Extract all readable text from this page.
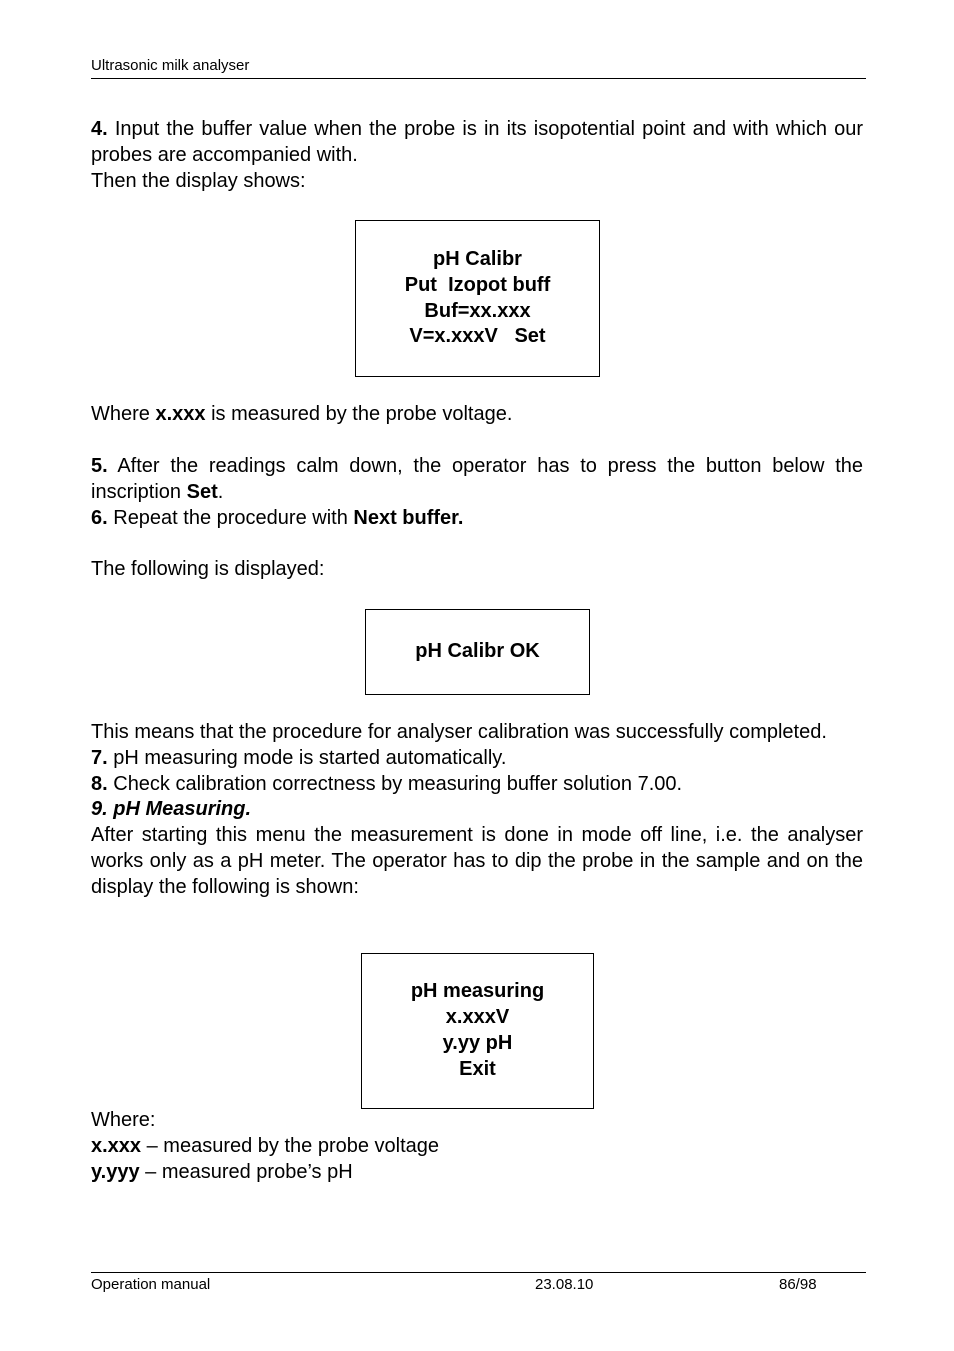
Ultrasonic milk analyser

4. Input the buffer value when the probe is in its isopotential point and with which our probes are accompanied with.

Then the display shows:

pH Calibr
Put  Izopot buff
Buf=xx.xxx
V=x.xxxV   Set

Where x.xxx is measured by the probe voltage.

5. After the readings calm down, the operator has to press the button below the inscription Set.

6. Repeat the procedure with Next buffer.

The following is displayed:

pH Calibr OK

This means that the procedure for analyser calibration was successfully completed.

7. pH measuring mode is started automatically.

8. Check calibration correctness by measuring buffer solution 7.00.

9. pH Measuring.

After starting this menu the measurement is done in mode off line, i.e. the analyser works only as a pH meter. The operator has to dip the probe in the sample and on the display the following is shown:

pH measuring
x.xxxV
y.yy pH
Exit

Where:

x.xxx – measured by the probe voltage

y.yyy – measured probe’s pH

Operation manual	23.08.10	86/98
